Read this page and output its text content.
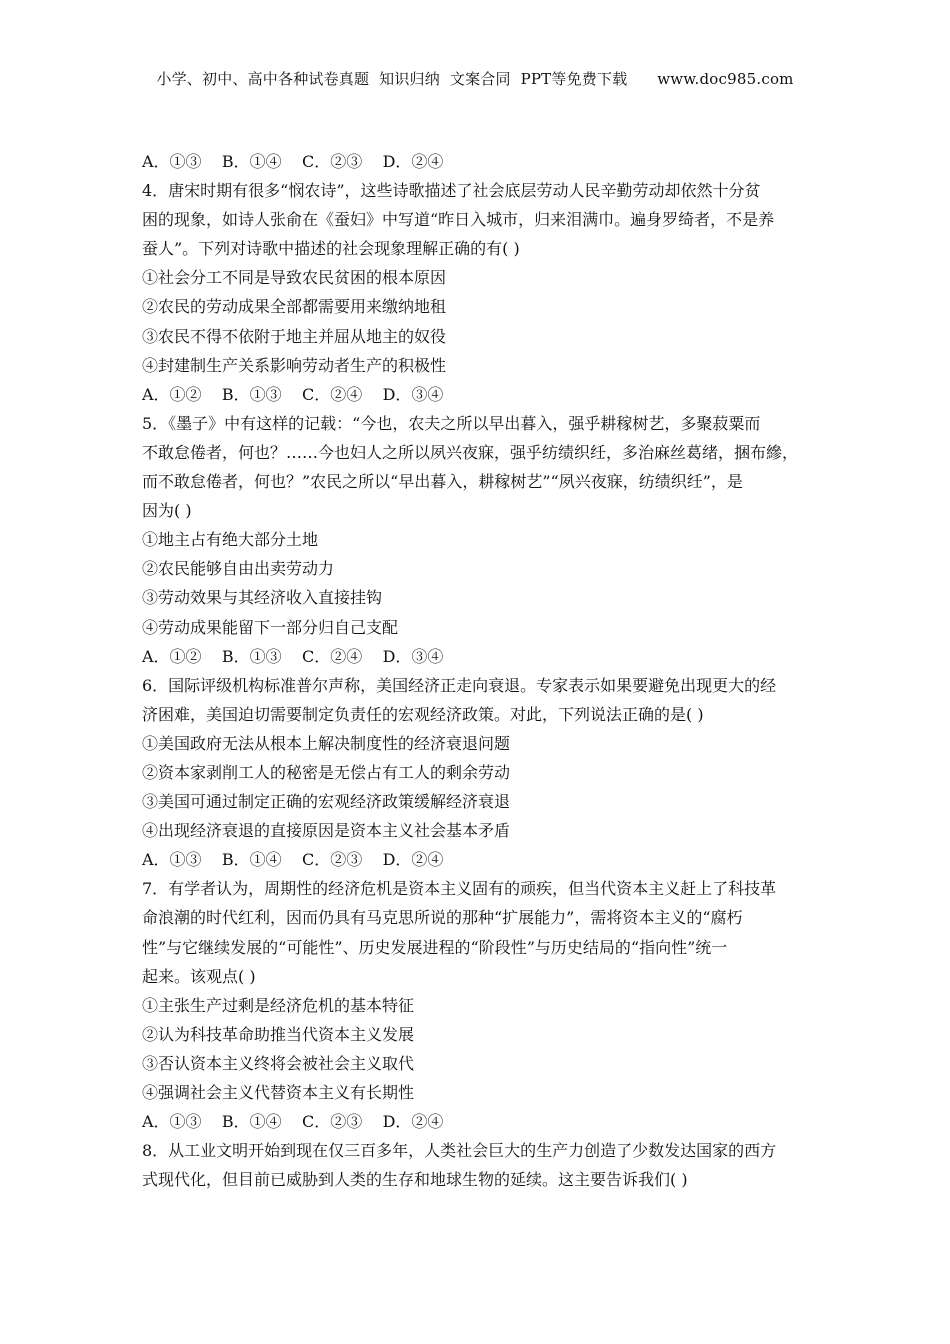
小学、初中、高中各种试卷真题  知识归纳  文案合同  PPT等免费下载      www.doc985.com
A．①③    B．①④    C．②③    D．②④
4．唐宋时期有很多“悯农诗”，这些诗歌描述了社会底层劳动人民辛勤劳动却依然十分贫
困的现象，如诗人张俞在《蚕妇》中写道“昨日入城市，归来泪满巾。遍身罗绮者，不是养
蚕人”。下列对诗歌中描述的社会现象理解正确的有( )
①社会分工不同是导致农民贫困的根本原因
②农民的劳动成果全部都需要用来缴纳地租
③农民不得不依附于地主并屈从地主的奴役
④封建制生产关系影响劳动者生产的积极性
A．①②    B．①③    C．②④    D．③④
5．《墨子》中有这样的记载：“今也，农夫之所以早出暮入，强乎耕稼树艺，多聚菽粟而
不敢怠倦者，何也？……今也妇人之所以夙兴夜寐，强乎纺绩织纴，多治麻丝葛绪，捆布縿，
而不敢怠倦者，何也？”农民之所以“早出暮入，耕稼树艺”“夙兴夜寐，纺绩织纴”，是
因为( )
①地主占有绝大部分土地
②农民能够自由出卖劳动力
③劳动效果与其经济收入直接挂钩
④劳动成果能留下一部分归自己支配
A．①②    B．①③    C．②④    D．③④
6．国际评级机构标准普尔声称，美国经济正走向衰退。专家表示如果要避免出现更大的经
济困难，美国迫切需要制定负责任的宏观经济政策。对此，下列说法正确的是( )
①美国政府无法从根本上解决制度性的经济衰退问题
②资本家剥削工人的秘密是无偿占有工人的剩余劳动
③美国可通过制定正确的宏观经济政策缓解经济衰退
④出现经济衰退的直接原因是资本主义社会基本矛盾
A．①③    B．①④    C．②③    D．②④
7．有学者认为，周期性的经济危机是资本主义固有的顽疾，但当代资本主义赶上了科技革
命浪潮的时代红利，因而仍具有马克思所说的那种“扩展能力”，需将资本主义的“腐朽
性”与它继续发展的“可能性”、历史发展进程的“阶段性”与历史结局的“指向性”统一
起来。该观点( )
①主张生产过剩是经济危机的基本特征
②认为科技革命助推当代资本主义发展
③否认资本主义终将会被社会主义取代
④强调社会主义代替资本主义有长期性
A．①③    B．①④    C．②③    D．②④
8．从工业文明开始到现在仅三百多年，人类社会巨大的生产力创造了少数发达国家的西方
式现代化，但目前已威胁到人类的生存和地球生物的延续。这主要告诉我们( )
